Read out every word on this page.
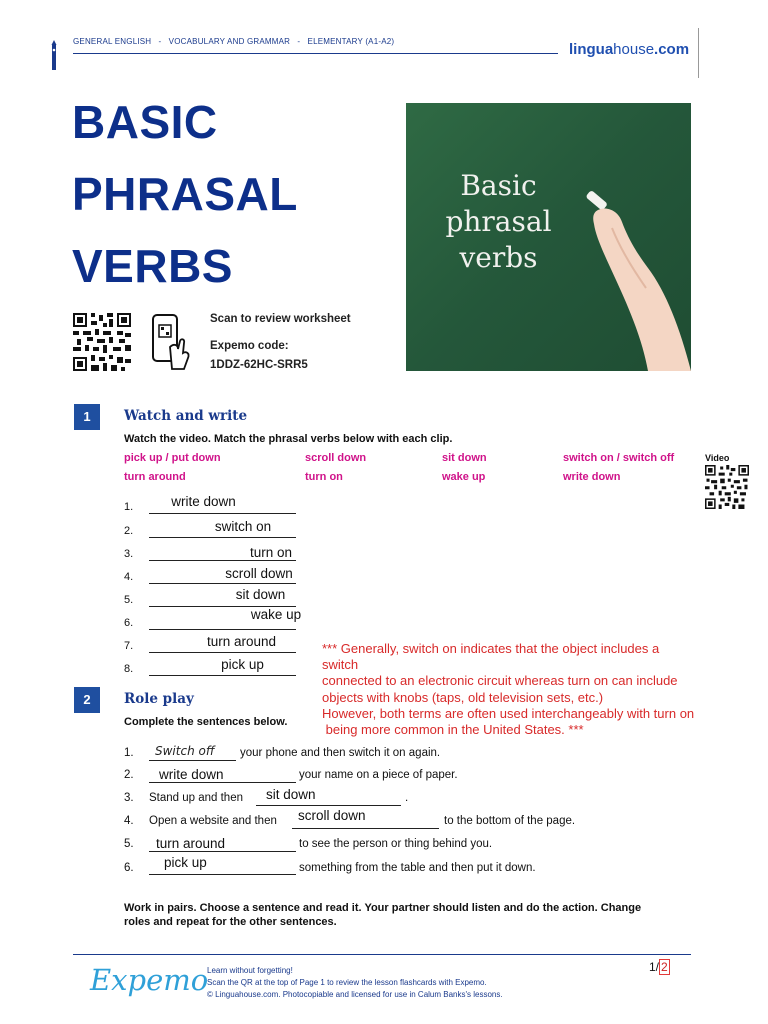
GENERAL ENGLISH   -   VOCABULARY AND GRAMMAR   -   ELEMENTARY (A1-A2)	linguahouse.com
BASIC
PHRASAL
VERBS
Basic
phrasal
verbs
Scan to review worksheet
Expemo code:
1DDZ-62HC-SRR5
1	Watch and write
Watch the video. Match the phrasal verbs below with each clip.
pick up / put down	scroll down	sit down	switch on / switch off
turn around	turn on	wake up	write down
Video
1.	write down
2.	switch on
3.	turn on
4.	scroll down
5.	sit down
6.
wake up
7.	turn around
8.	pick up
*** Generally, switch on indicates that the object includes a
switch
connected to an electronic circuit whereas turn on can include
objects with knobs (taps, old television sets, etc.)
However, both terms are often used interchangeably with turn on
being more common in the United States. ***
2	Role play
Complete the sentences below.
1. Switch off your phone and then switch it on again.
2. write down	your name on a piece of paper.
3. Stand up and then sit down	.
4. Open a website and then scroll down	to the bottom of the page.
5. turn around	to see the person or thing behind you.
6. pick up	something from the table and then put it down.
Work in pairs. Choose a sentence and read it. Your partner should listen and do the action. Change
roles and repeat for the other sentences.
Expemo
Learn without forgetting!
Scan the QR at the top of Page 1 to review the lesson flashcards with Expemo.
© Linguahouse.com. Photocopiable and licensed for use in Calum Banks's lessons.
1/ 2
